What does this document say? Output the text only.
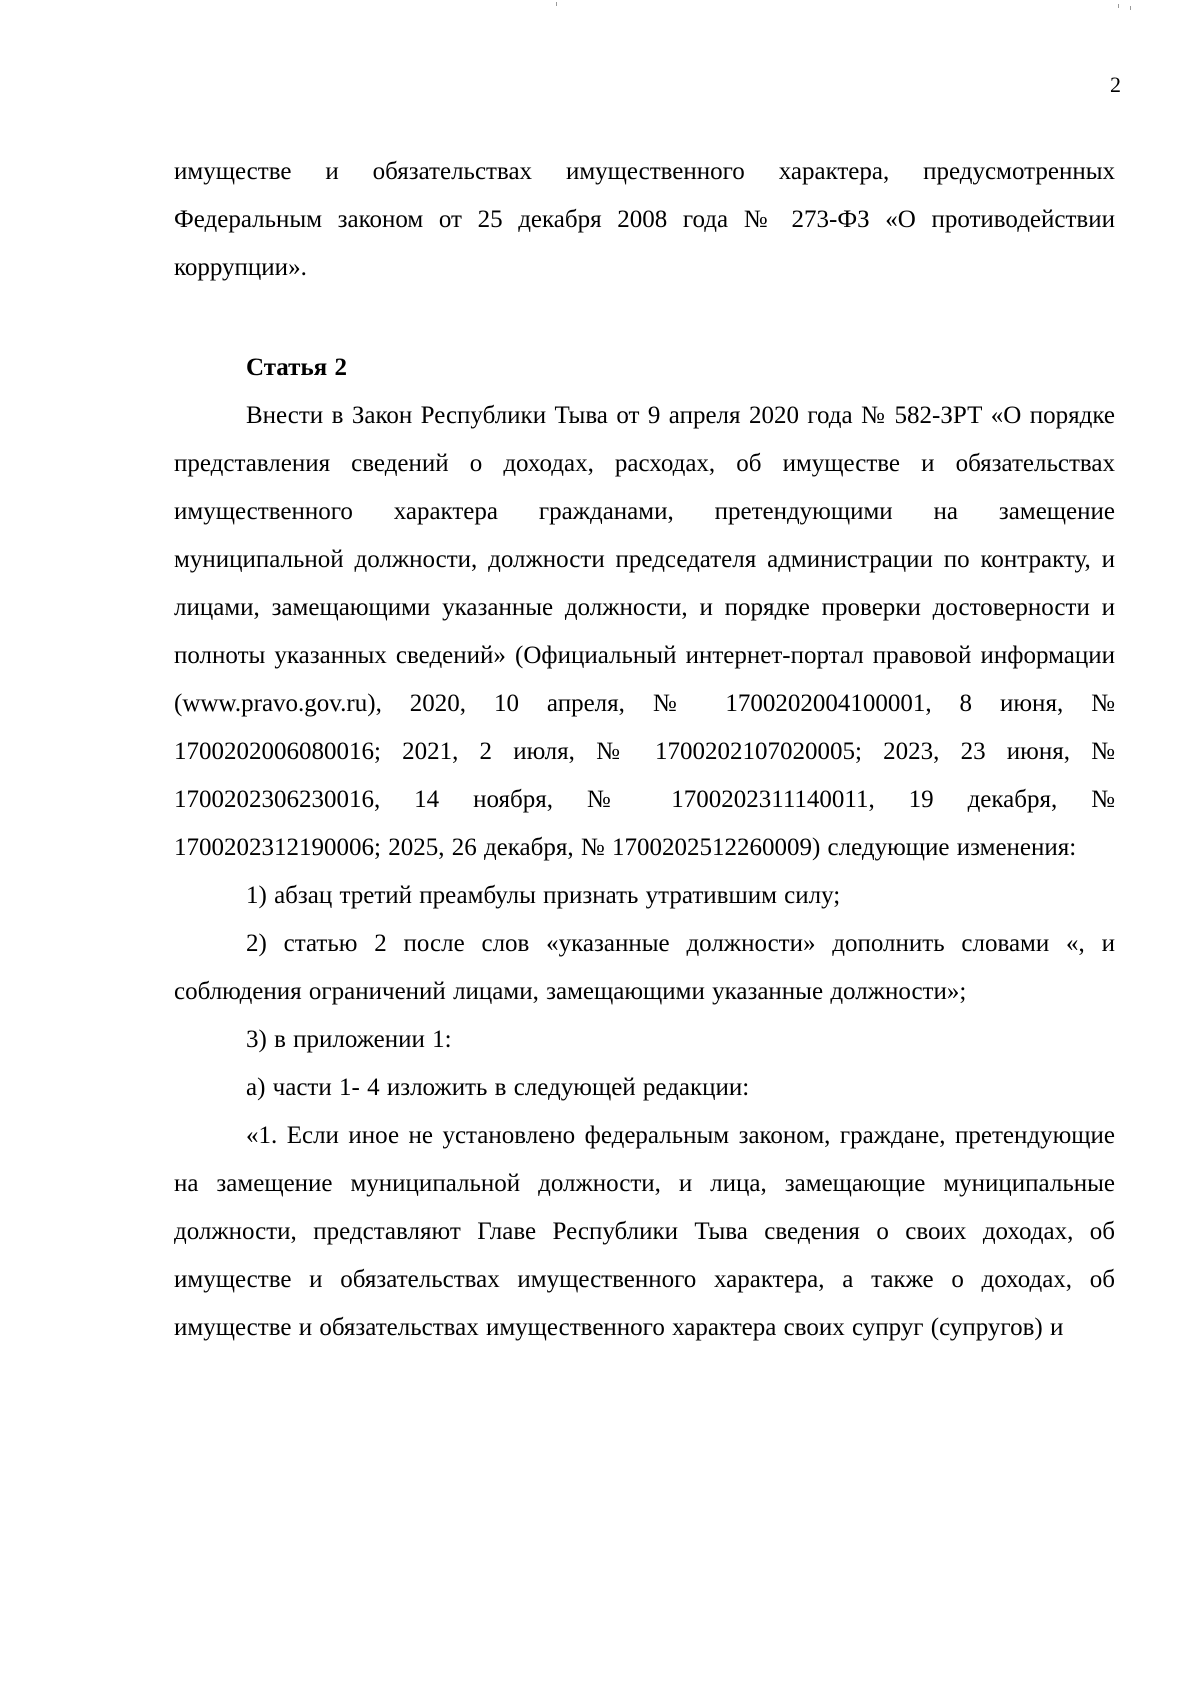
2

имуществе и обязательствах имущественного характера, предусмотренных Федеральным законом от 25 декабря 2008 года № 273-ФЗ «О противодействии коррупции».

Статья 2

Внести в Закон Республики Тыва от 9 апреля 2020 года № 582-ЗРТ «О порядке представления сведений о доходах, расходах, об имуществе и обязательствах имущественного характера гражданами, претендующими на замещение муниципальной должности, должности председателя администрации по контракту, и лицами, замещающими указанные должности, и порядке проверки достоверности и полноты указанных сведений» (Официальный интернет-портал правовой информации (www.pravo.gov.ru), 2020, 10 апреля, № 1700202004100001, 8 июня, № 1700202006080016; 2021, 2 июля, № 1700202107020005; 2023, 23 июня, № 1700202306230016, 14 ноября, № 1700202311140011, 19 декабря, № 1700202312190006; 2025, 26 декабря, № 1700202512260009) следующие изменения:

1) абзац третий преамбулы признать утратившим силу;

2) статью 2 после слов «указанные должности» дополнить словами «, и соблюдения ограничений лицами, замещающими указанные должности»;

3) в приложении 1:

а) части 1- 4 изложить в следующей редакции:

«1. Если иное не установлено федеральным законом, граждане, претендующие на замещение муниципальной должности, и лица, замещающие муниципальные должности, представляют Главе Республики Тыва сведения о своих доходах, об имуществе и обязательствах имущественного характера, а также о доходах, об имуществе и обязательствах имущественного характера своих супруг (супругов) и
